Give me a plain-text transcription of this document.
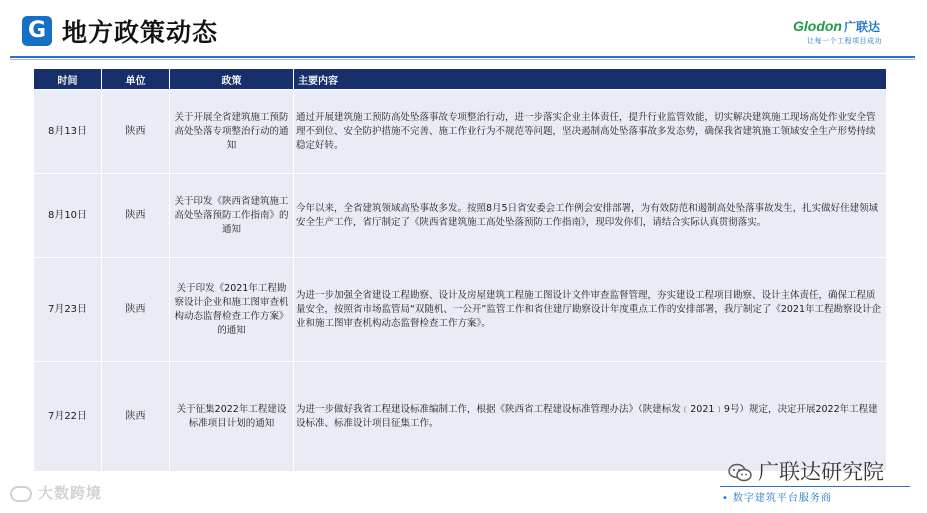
G 地方政策动态	Glodon 广联达
让每一个工程项目成功
时间	单位	政策	主要内容
8月13日	陕西	关于开展全省建筑施工预防高处坠落专项整治行动的通知	通过开展建筑施工预防高处坠落事故专项整治行动，进一步落实企业主体责任，提升行业监管效能，切实解决建筑施工现场高处作业安全管理不到位、安全防护措施不完善、施工作业行为不规范等问题，坚决遏制高处坠落事故多发态势，确保我省建筑施工领域安全生产形势持续稳定好转。
8月10日	陕西	关于印发《陕西省建筑施工高处坠落预防工作指南》的通知	今年以来，全省建筑领域高坠事故多发。按照8月5日省安委会工作例会安排部署，为有效防范和遏制高处坠落事故发生，扎实做好住建领域安全生产工作，省厅制定了《陕西省建筑施工高处坠落预防工作指南》，现印发你们，请结合实际认真贯彻落实。
7月23日	陕西	关于印发《2021年工程勘察设计企业和施工图审查机构动态监督检查工作方案》的通知	为进一步加强全省建设工程勘察、设计及房屋建筑工程施工图设计文件审查监督管理，夯实建设工程项目勘察、设计主体责任，确保工程质量安全，按照省市场监管局“双随机、一公开”监管工作和省住建厅勘察设计年度重点工作的安排部署，我厅制定了《2021年工程勘察设计企业和施工图审查机构动态监督检查工作方案》。
7月22日	陕西	关于征集2022年工程建设标准项目计划的通知	为进一步做好我省工程建设标准编制工作，根据《陕西省工程建设标准管理办法》（陕建标发﹝2021﹞9号）规定，决定开展2022年工程建设标准、标准设计项目征集工作。
大数跨境
广联达研究院
• 数字建筑平台服务商
